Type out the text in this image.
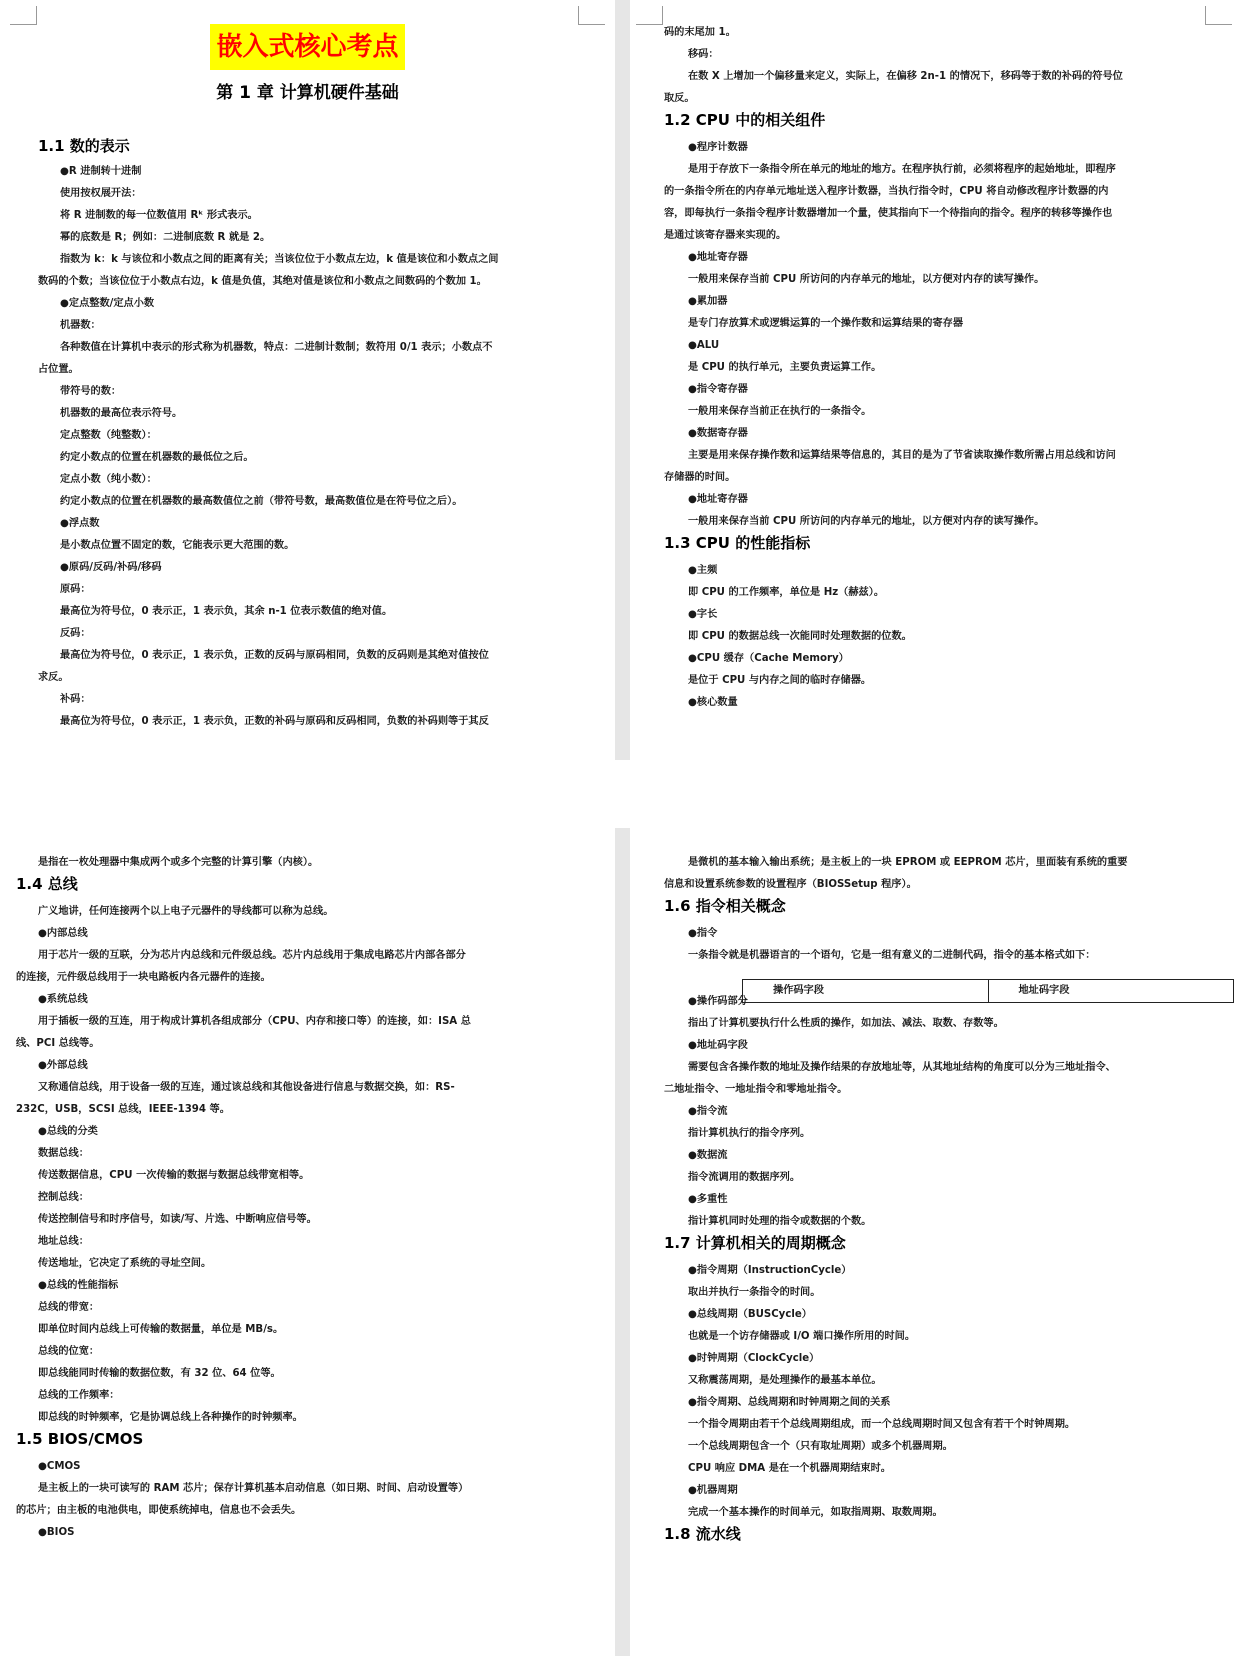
嵌入式核心考点
第 1 章 计算机硬件基础
1.1 数的表示
●R 进制转十进制
使用按权展开法：
将 R 进制数的每一位数值用 Rᵏ 形式表示。
幂的底数是 R；例如：二进制底数 R 就是 2。
指数为 k：k 与该位和小数点之间的距离有关；当该位位于小数点左边，k 值是该位和小数点之间
数码的个数；当该位位于小数点右边，k 值是负值，其绝对值是该位和小数点之间数码的个数加 1。
●定点整数/定点小数
机器数：
各种数值在计算机中表示的形式称为机器数，特点：二进制计数制；数符用 0/1 表示；小数点不
占位置。
带符号的数：
机器数的最高位表示符号。
定点整数（纯整数）：
约定小数点的位置在机器数的最低位之后。
定点小数（纯小数）：
约定小数点的位置在机器数的最高数值位之前（带符号数，最高数值位是在符号位之后）。
●浮点数
是小数点位置不固定的数，它能表示更大范围的数。
●原码/反码/补码/移码
原码：
最高位为符号位，0 表示正，1 表示负，其余 n-1 位表示数值的绝对值。
反码：
最高位为符号位，0 表示正，1 表示负，正数的反码与原码相同，负数的反码则是其绝对值按位
求反。
补码：
最高位为符号位，0 表示正，1 表示负，正数的补码与原码和反码相同，负数的补码则等于其反
码的末尾加 1。
移码：
在数 X 上增加一个偏移量来定义，实际上，在偏移 2n-1 的情况下，移码等于数的补码的符号位
取反。
1.2 CPU 中的相关组件
●程序计数器
是用于存放下一条指令所在单元的地址的地方。在程序执行前，必须将程序的起始地址，即程序
的一条指令所在的内存单元地址送入程序计数器，当执行指令时，CPU 将自动修改程序计数器的内
容，即每执行一条指令程序计数器增加一个量，使其指向下一个待指向的指令。程序的转移等操作也
是通过该寄存器来实现的。
●地址寄存器
一般用来保存当前 CPU 所访问的内存单元的地址，以方便对内存的读写操作。
●累加器
是专门存放算术或逻辑运算的一个操作数和运算结果的寄存器
●ALU
是 CPU 的执行单元，主要负责运算工作。
●指令寄存器
一般用来保存当前正在执行的一条指令。
●数据寄存器
主要是用来保存操作数和运算结果等信息的，其目的是为了节省读取操作数所需占用总线和访问
存储器的时间。
●地址寄存器
一般用来保存当前 CPU 所访问的内存单元的地址，以方便对内存的读写操作。
1.3 CPU 的性能指标
●主频
即 CPU 的工作频率，单位是 Hz（赫兹）。
●字长
即 CPU 的数据总线一次能同时处理数据的位数。
●CPU 缓存（Cache Memory）
是位于 CPU 与内存之间的临时存储器。
●核心数量
是指在一枚处理器中集成两个或多个完整的计算引擎（内核）。
1.4 总线
广义地讲，任何连接两个以上电子元器件的导线都可以称为总线。
●内部总线
用于芯片一级的互联，分为芯片内总线和元件级总线。芯片内总线用于集成电路芯片内部各部分
的连接，元件级总线用于一块电路板内各元器件的连接。
●系统总线
用于插板一级的互连，用于构成计算机各组成部分（CPU、内存和接口等）的连接，如：ISA 总
线、PCI 总线等。
●外部总线
又称通信总线，用于设备一级的互连，通过该总线和其他设备进行信息与数据交换，如：RS-
232C，USB，SCSI 总线，IEEE-1394 等。
●总线的分类
数据总线：
传送数据信息，CPU 一次传输的数据与数据总线带宽相等。
控制总线：
传送控制信号和时序信号，如读/写、片选、中断响应信号等。
地址总线：
传送地址，它决定了系统的寻址空间。
●总线的性能指标
总线的带宽：
即单位时间内总线上可传输的数据量，单位是 MB/s。
总线的位宽：
即总线能同时传输的数据位数，有 32 位、64 位等。
总线的工作频率：
即总线的时钟频率，它是协调总线上各种操作的时钟频率。
1.5 BIOS/CMOS
●CMOS
是主板上的一块可读写的 RAM 芯片；保存计算机基本启动信息（如日期、时间、启动设置等）
的芯片；由主板的电池供电，即使系统掉电，信息也不会丢失。
●BIOS
是微机的基本输入输出系统；是主板上的一块 EPROM 或 EEPROM 芯片，里面装有系统的重要
信息和设置系统参数的设置程序（BIOSSetup 程序）。
1.6 指令相关概念
●指令
一条指令就是机器语言的一个语句，它是一组有意义的二进制代码，指令的基本格式如下：
●操作码部分
指出了计算机要执行什么性质的操作，如加法、减法、取数、存数等。
●地址码字段
需要包含各操作数的地址及操作结果的存放地址等，从其地址结构的角度可以分为三地址指令、
二地址指令、一地址指令和零地址指令。
●指令流
指计算机执行的指令序列。
●数据流
指令流调用的数据序列。
●多重性
指计算机同时处理的指令或数据的个数。
1.7 计算机相关的周期概念
●指令周期（InstructionCycle）
取出并执行一条指令的时间。
●总线周期（BUSCycle）
也就是一个访存储器或 I/O 端口操作所用的时间。
●时钟周期（ClockCycle）
又称震荡周期，是处理操作的最基本单位。
●指令周期、总线周期和时钟周期之间的关系
一个指令周期由若干个总线周期组成，而一个总线周期时间又包含有若干个时钟周期。
一个总线周期包含一个（只有取址周期）或多个机器周期。
CPU 响应 DMA 是在一个机器周期结束时。
●机器周期
完成一个基本操作的时间单元，如取指周期、取数周期。
1.8 流水线
操作码字段	地址码字段
